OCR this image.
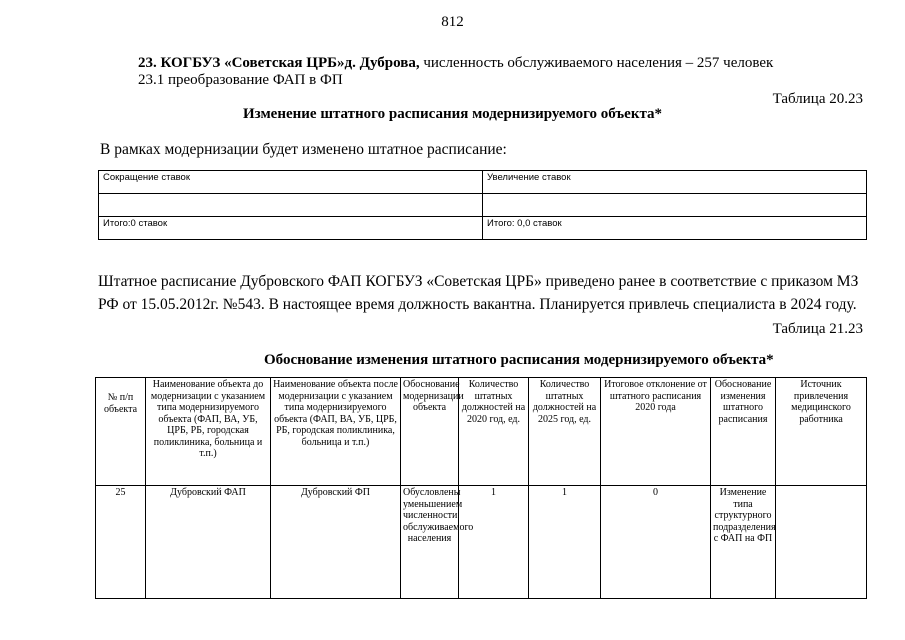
812
23. КОГБУЗ «Советская ЦРБ»д. Дуброва, численность обслуживаемого населения – 257 человек
23.1 преобразование ФАП в ФП
Таблица 20.23
Изменение штатного расписания модернизируемого объекта*
В рамках модернизации будет изменено штатное расписание:
Сокращение ставок	Увеличение ставок

Итого:0 ставок	Итого: 0,0 ставок
Штатное расписание Дубровского ФАП КОГБУЗ «Советская ЦРБ» приведено ранее в соответствие с приказом МЗ РФ от 15.05.2012г. №543. В настоящее время должность вакантна. Планируется привлечь специалиста в 2024 году.
Таблица 21.23
Обоснование изменения штатного расписания модернизируемого объекта*
№ п/п объекта	Наименование объекта до модернизации с указанием типа модернизируемого объекта (ФАП, ВА, УБ, ЦРБ, РБ, городская поликлиника, больница и т.п.)	Наименование объекта после модернизации с указанием типа модернизируемого объекта (ФАП, ВА, УБ, ЦРБ, РБ, городская поликлиника, больница и т.п.)	Обоснование модернизации объекта	Количество штатных должностей на 2020 год, ед.	Количество штатных должностей на 2025 год, ед.	Итоговое отклонение от штатного расписания 2020 года	Обоснование изменения штатного расписания	Источник привлечения медицинского работника
25	Дубровский ФАП	Дубровский ФП	Обусловлены уменьшением численности обслуживаемого населения	1	1	0	Изменение типа структурного подразделения с ФАП на ФП	
